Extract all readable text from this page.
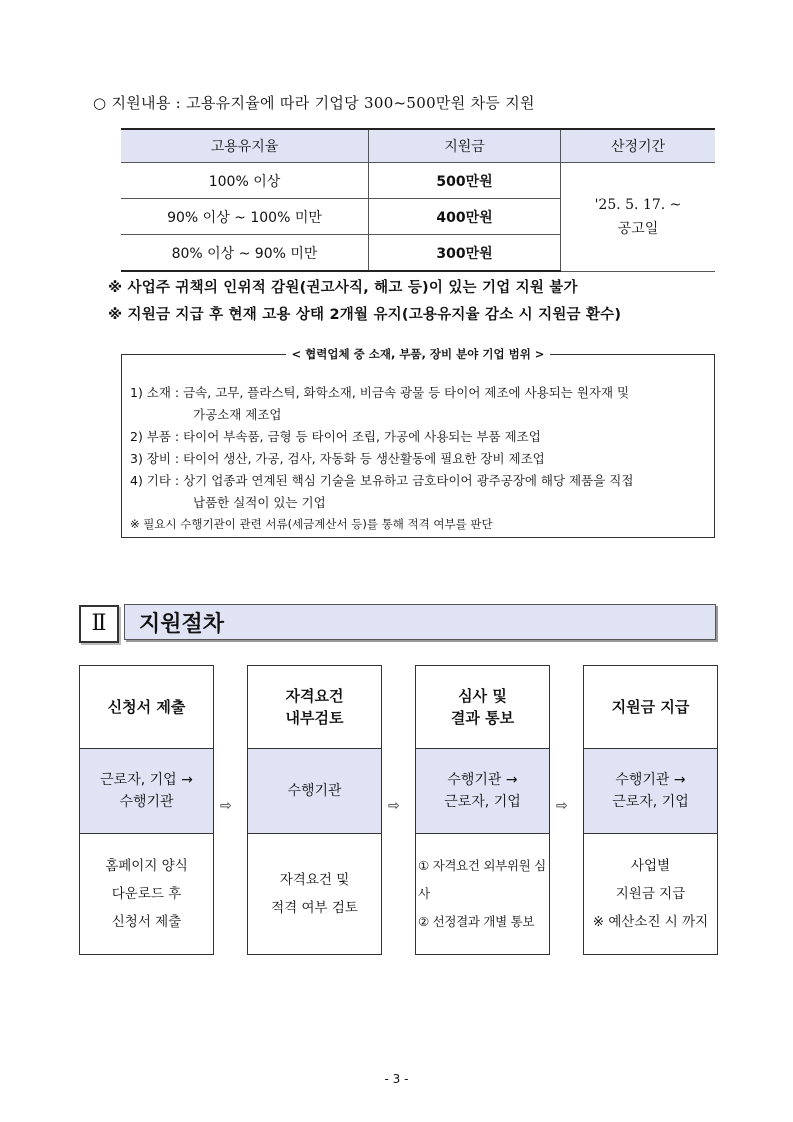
○ 지원내용 : 고용유지율에 따라 기업당 300~500만원 차등 지원
고용유지율	지원금	산정기간
100% 이상	500만원	'25. 5. 17. ~
공고일
90% 이상 ~ 100% 미만	400만원	
80% 이상 ~ 90% 미만	300만원	
※ 사업주 귀책의 인위적 감원(권고사직, 해고 등)이 있는 기업 지원 불가
※ 지원금 지급 후 현재 고용 상태 2개월 유지(고용유지율 감소 시 지원금 환수)
< 협력업체 중 소재, 부품, 장비 분야 기업 범위 >
1) 소재 : 금속, 고무, 플라스틱, 화학소재, 비금속 광물 등 타이어 제조에 사용되는 원자재 및
가공소재 제조업
2) 부품 : 타이어 부속품, 금형 등 타이어 조립, 가공에 사용되는 부품 제조업
3) 장비 : 타이어 생산, 가공, 검사, 자동화 등 생산활동에 필요한 장비 제조업
4) 기타 : 상기 업종과 연계된 핵심 기술을 보유하고 금호타이어 광주공장에 해당 제품을 직접
납품한 실적이 있는 기업
※ 필요시 수행기관이 관련 서류(세금계산서 등)를 통해 적격 여부를 판단
Ⅱ	지원절차
신청서 제출
근로자, 기업 →
수행기관
홈페이지 양식
다운로드 후
신청서 제출
⇨
자격요건
내부검토
수행기관
자격요건 및
적격 여부 검토
⇨
심사 및
결과 통보
수행기관 →
근로자, 기업
① 자격요건 외부위원 심사
② 선정결과 개별 통보
⇨
지원금 지급
수행기관 →
근로자, 기업
사업별
지원금 지급
※ 예산소진 시 까지
- 3 -
